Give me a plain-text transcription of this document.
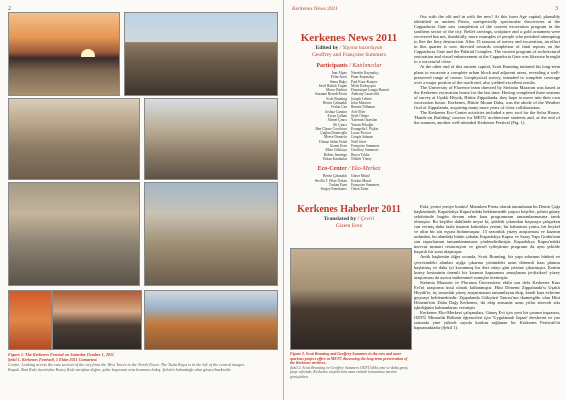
2
Figure 1. The Kerkenes Festival on Saturday October 1, 2011
Şekil 1. Kerkenes Festivali, 1 Ekim 2011 Cumartesi.
Centre. Looking across the east section of the city from the West Tower to the North Tower. The Tuzlu Kaya is in the left of the central images.
Kapak. Batı Kule üzerinden Kuzey Kule tarafına doğru, şehir kapısının orta kısmının bakış. Şehirin bulunduğu alan gösterilmektedir.
Kerkenes News 2011	3
Kerkenes News 2011
Edited by / Yayına hazırlayan
Geoffrey and Françoise Summers
Participants / Katılımcılar
İnar Alpay Nurettin Kaymakçı
Polin Ayter Pınar Kaymakçı
Sema Bağcı Paul Kurz-Karpov
Sevil Baltalı Tırpan Melis Kırkıçopra
Marco Barbini Dominique Langis-Barrett
Susanne Berndt-Ersöz Anthony Lauricella
Scott Branting Joseph Lehner
Berrin Çakmaklı John Marston
Ferhat Can Bonnie Nilhamn
Joshua Cannon Arlı Ofler
Ercan Çalhan Şeyil Olmez
Ahmet Çınıcı Yasemin Özarslan
Ali Çınıcı Yasam Pekoğlu
Ben Claasz Coockson Evangelia I. Pişkin
Çağlan Demiroğlu Lucas Proctor
Merve Demiröz Cengiz Salman
Yılmaz Selim Erdal Noël Siver
Gizem Eren Françoise Summers
Meto Gökkaya Geoffrey Summers
Robert Jennings Burcu Yıldız
Erkan Karabulut Nilüfer Yöney
Eco-Center / Eko-Merkez
Berrin Çakmaklı Güner Mutaf
Sevilla T. Elias-Özkan Korkut Mutaf
Turhan Eşen Françoise Summers
Sergey Emelianov Özlen Taner

Out with the old and in with the new! At this from Age capital, plausibly identified as ancient Pteria, unexpectedly spectacular discoveries at the Cappadocia Gate saw completion of the current excavation program in the southern sector of the city. Relief carvings, sculpture and a gold ornament were recovered but not, thankfully, more examples of people who perished attempting to flee the fiery destruction. After 15 seasons of survey and excavation, an effort in this quarter is now directed towards completion of final reports on the Cappadocia Gate and the Palatial Complex. The current program of architectural restoration and visual enhancement at the Cappadocia Gate was likewise brought to a successful close.

At the other end of this ancient capital, Scott Branting initiated his long-term plans to excavate a complete urban block and adjacent areas, revealing a well-preserved range of rooms. Geophysical survey, intended to complete coverage over a major portion of the north end, also yielded excellent results.

The University of Florence team directed by Stefania Mazzoni was based at the Kerkenes excavation house for the last time. Having completed three seasons of survey at Uşaklı Höyük, Hittite Zippalanda, they hope to move into their own excavation house. Kerkenes, Hittite Mount Daha, was the abode of the Weather God of Zippalanda, acquiring many more years of close collaboration.

The Kerkenes Eco-Center activities included a new roof for the Solar House, 'Hands-on Building' courses for METU architecture students and, at the end of the summer, another well-attended Kerkenes Festival (Fig. 1).

Kerkenes Haberler 2011
Translated by / Çeviri
Gizem Eren
Figure 2. Scott Branting and Geoffrey Summers in the new and more spacious project office at METU discussing the long-term preservation of the Kerkenes archives.
Şekil 2. Scott Branting ve Geoffrey Summers ODTÜ'deki yeni ve daha geniş proje ofisinde, Kerkenes arşivlerinin uzun vadede korunması üzerine görüşürken.

Eski, yerini yeniye bıraktı! Mantıken Pteria olarak tanımlanan bu Demir Çağı başkentinde, Kapadokya Kapısı'ndaki beklenmedik çarpıcı keşifler, şehrin güney sektöründe bugün devam eden kazı programının tamamlanmasına tanık olmuştur. Bu keşifler dahilinde neyse ki, şiddetli yıkımdan kaçmaya çalışırken can vermiş daha fazla insanın kalıntıları yerine, bir kabartma yontu, bir heykel ve altın bir süs eşyası bulunmuştur. 15 sezonluk yüzey araştırması ve kazının ardından, bu alandaki bütün çabalar Kapadokya Kapısı ve Saray Yapı Grubu'nun son raporlarının tamamlanmasına yönlendirilmiştir. Kapadokya Kapısı'ndaki mevcut mimari restorasyon ve görsel iyileştirme programı da aynı şekilde başarılı bir sona ulaşmıştır.

Antik başkentin diğer ucunda, Scott Branting, bir yapı adasının bütünü ve çevresindeki alanları açığa çıkarma yönündeki uzun dönemli kazı planını başlatmış ve daha iyi korunmuş bir dizi odayı gün yüzüne çıkarmıştır. Kentin kuzey kesiminin önemli bir kısmını kapsaması amaçlanan jeofiziksel yüzey araştırması da ayrıca mükemmel sonuçlar üretmiştir.

Stefania Mazzoni ve Floransa Üniversitesi ekibi son defa Kerkenes Kazı Evi'ni araştırma üssü olarak kullanmıştır. Hitit Dönemi Zippalanda'sı Uşaklı Höyük'te, üç sezonluk yüzey araştırmasını tamamlayan ekip, kendi kazı evlerine geçmeyi beklemektedir. Zippalanda Gökyüzü Tanrısı'nın ikametgâhı olan Hitit Dönemi'nin Daha Dağı Kerkenes, iki ekip arasında uzun yıllar sürecek sıkı işbirliğinin kalmanlarını vermiştir.

Kerkenes Eko-Merkezi çalışmaları, Güneş Evi için yeni bir çatının inşaasını, ODTÜ Mimarlık Bölümü öğrencileri için 'Uygulamalı İnşaat' derslerini ve yaz sonunda yine yüksek sayıda katılım sağlanan bir Kerkenes Festivali'ni kapsamaktadır (Şekil 1).
